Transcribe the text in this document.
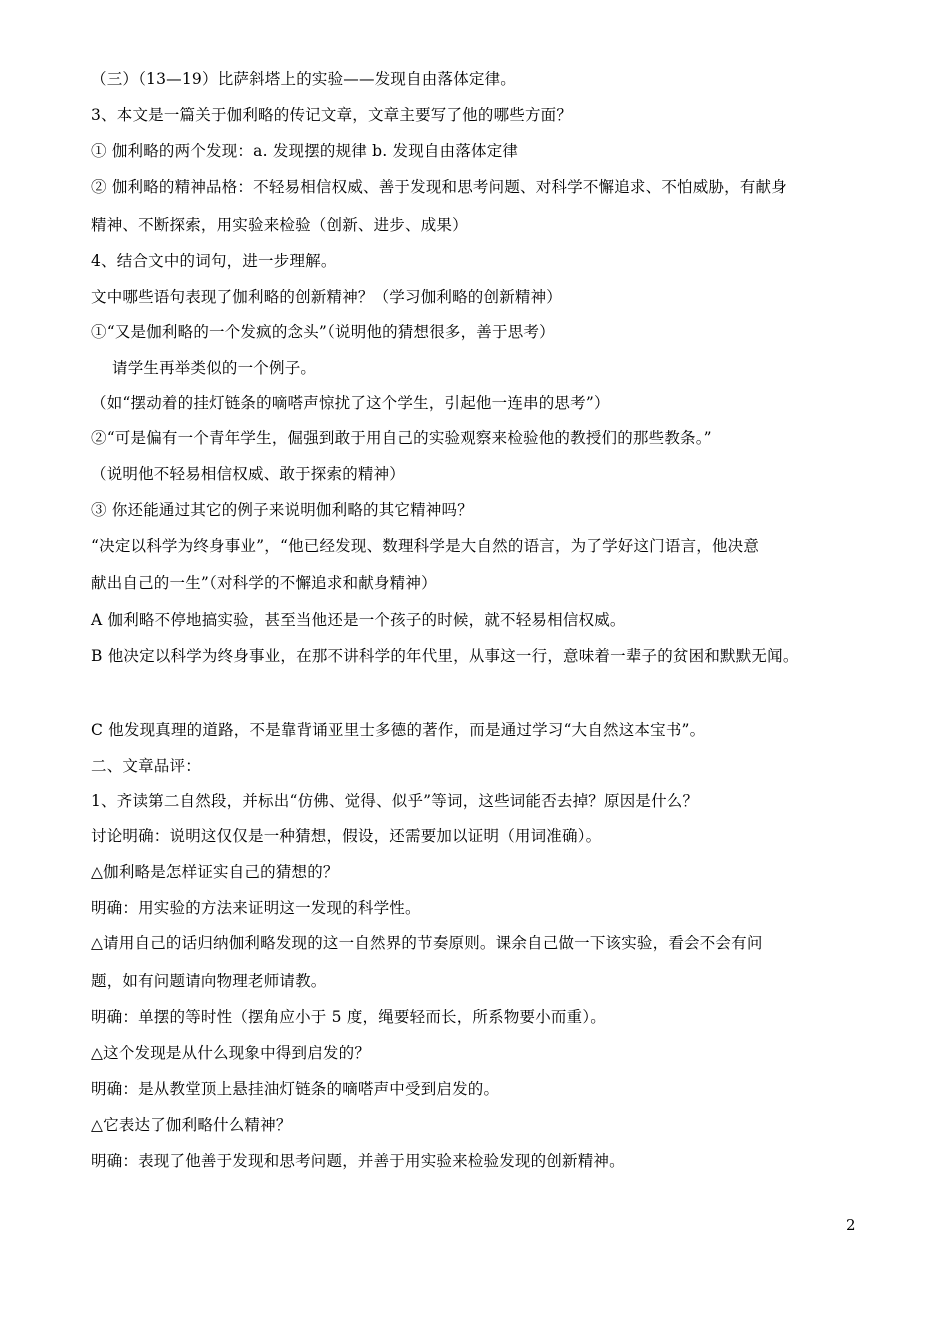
（三）（13—19）比萨斜塔上的实验——发现自由落体定律。
3、本文是一篇关于伽利略的传记文章，文章主要写了他的哪些方面？
① 伽利略的两个发现：a. 发现摆的规律 b. 发现自由落体定律
② 伽利略的精神品格：不轻易相信权威、善于发现和思考问题、对科学不懈追求、不怕威胁，有献身
精神、不断探索，用实验来检验（创新、进步、成果）
4、结合文中的词句，进一步理解。
文中哪些语句表现了伽利略的创新精神？（学习伽利略的创新精神）
①“又是伽利略的一个发疯的念头”（说明他的猜想很多，善于思考）
请学生再举类似的一个例子。
（如“摆动着的挂灯链条的嘀嗒声惊扰了这个学生，引起他一连串的思考”）
②“可是偏有一个青年学生，倔强到敢于用自己的实验观察来检验他的教授们的那些教条。”
（说明他不轻易相信权威、敢于探索的精神）
③ 你还能通过其它的例子来说明伽利略的其它精神吗？
“决定以科学为终身事业”，“他已经发现、数理科学是大自然的语言，为了学好这门语言，他决意
献出自己的一生”（对科学的不懈追求和献身精神）
A 伽利略不停地搞实验，甚至当他还是一个孩子的时候，就不轻易相信权威。
B 他决定以科学为终身事业，在那不讲科学的年代里，从事这一行，意味着一辈子的贫困和默默无闻。
C 他发现真理的道路，不是靠背诵亚里士多德的著作，而是通过学习“大自然这本宝书”。
二、文章品评：
1、齐读第二自然段，并标出“仿佛、觉得、似乎”等词，这些词能否去掉？原因是什么？
讨论明确：说明这仅仅是一种猜想，假设，还需要加以证明（用词准确）。
△伽利略是怎样证实自己的猜想的？
明确：用实验的方法来证明这一发现的科学性。
△请用自己的话归纳伽利略发现的这一自然界的节奏原则。课余自己做一下该实验，看会不会有问
题，如有问题请向物理老师请教。
明确：单摆的等时性（摆角应小于 5 度，绳要轻而长，所系物要小而重）。
△这个发现是从什么现象中得到启发的？
明确：是从教堂顶上悬挂油灯链条的嘀嗒声中受到启发的。
△它表达了伽利略什么精神？
明确：表现了他善于发现和思考问题，并善于用实验来检验发现的创新精神。
2
